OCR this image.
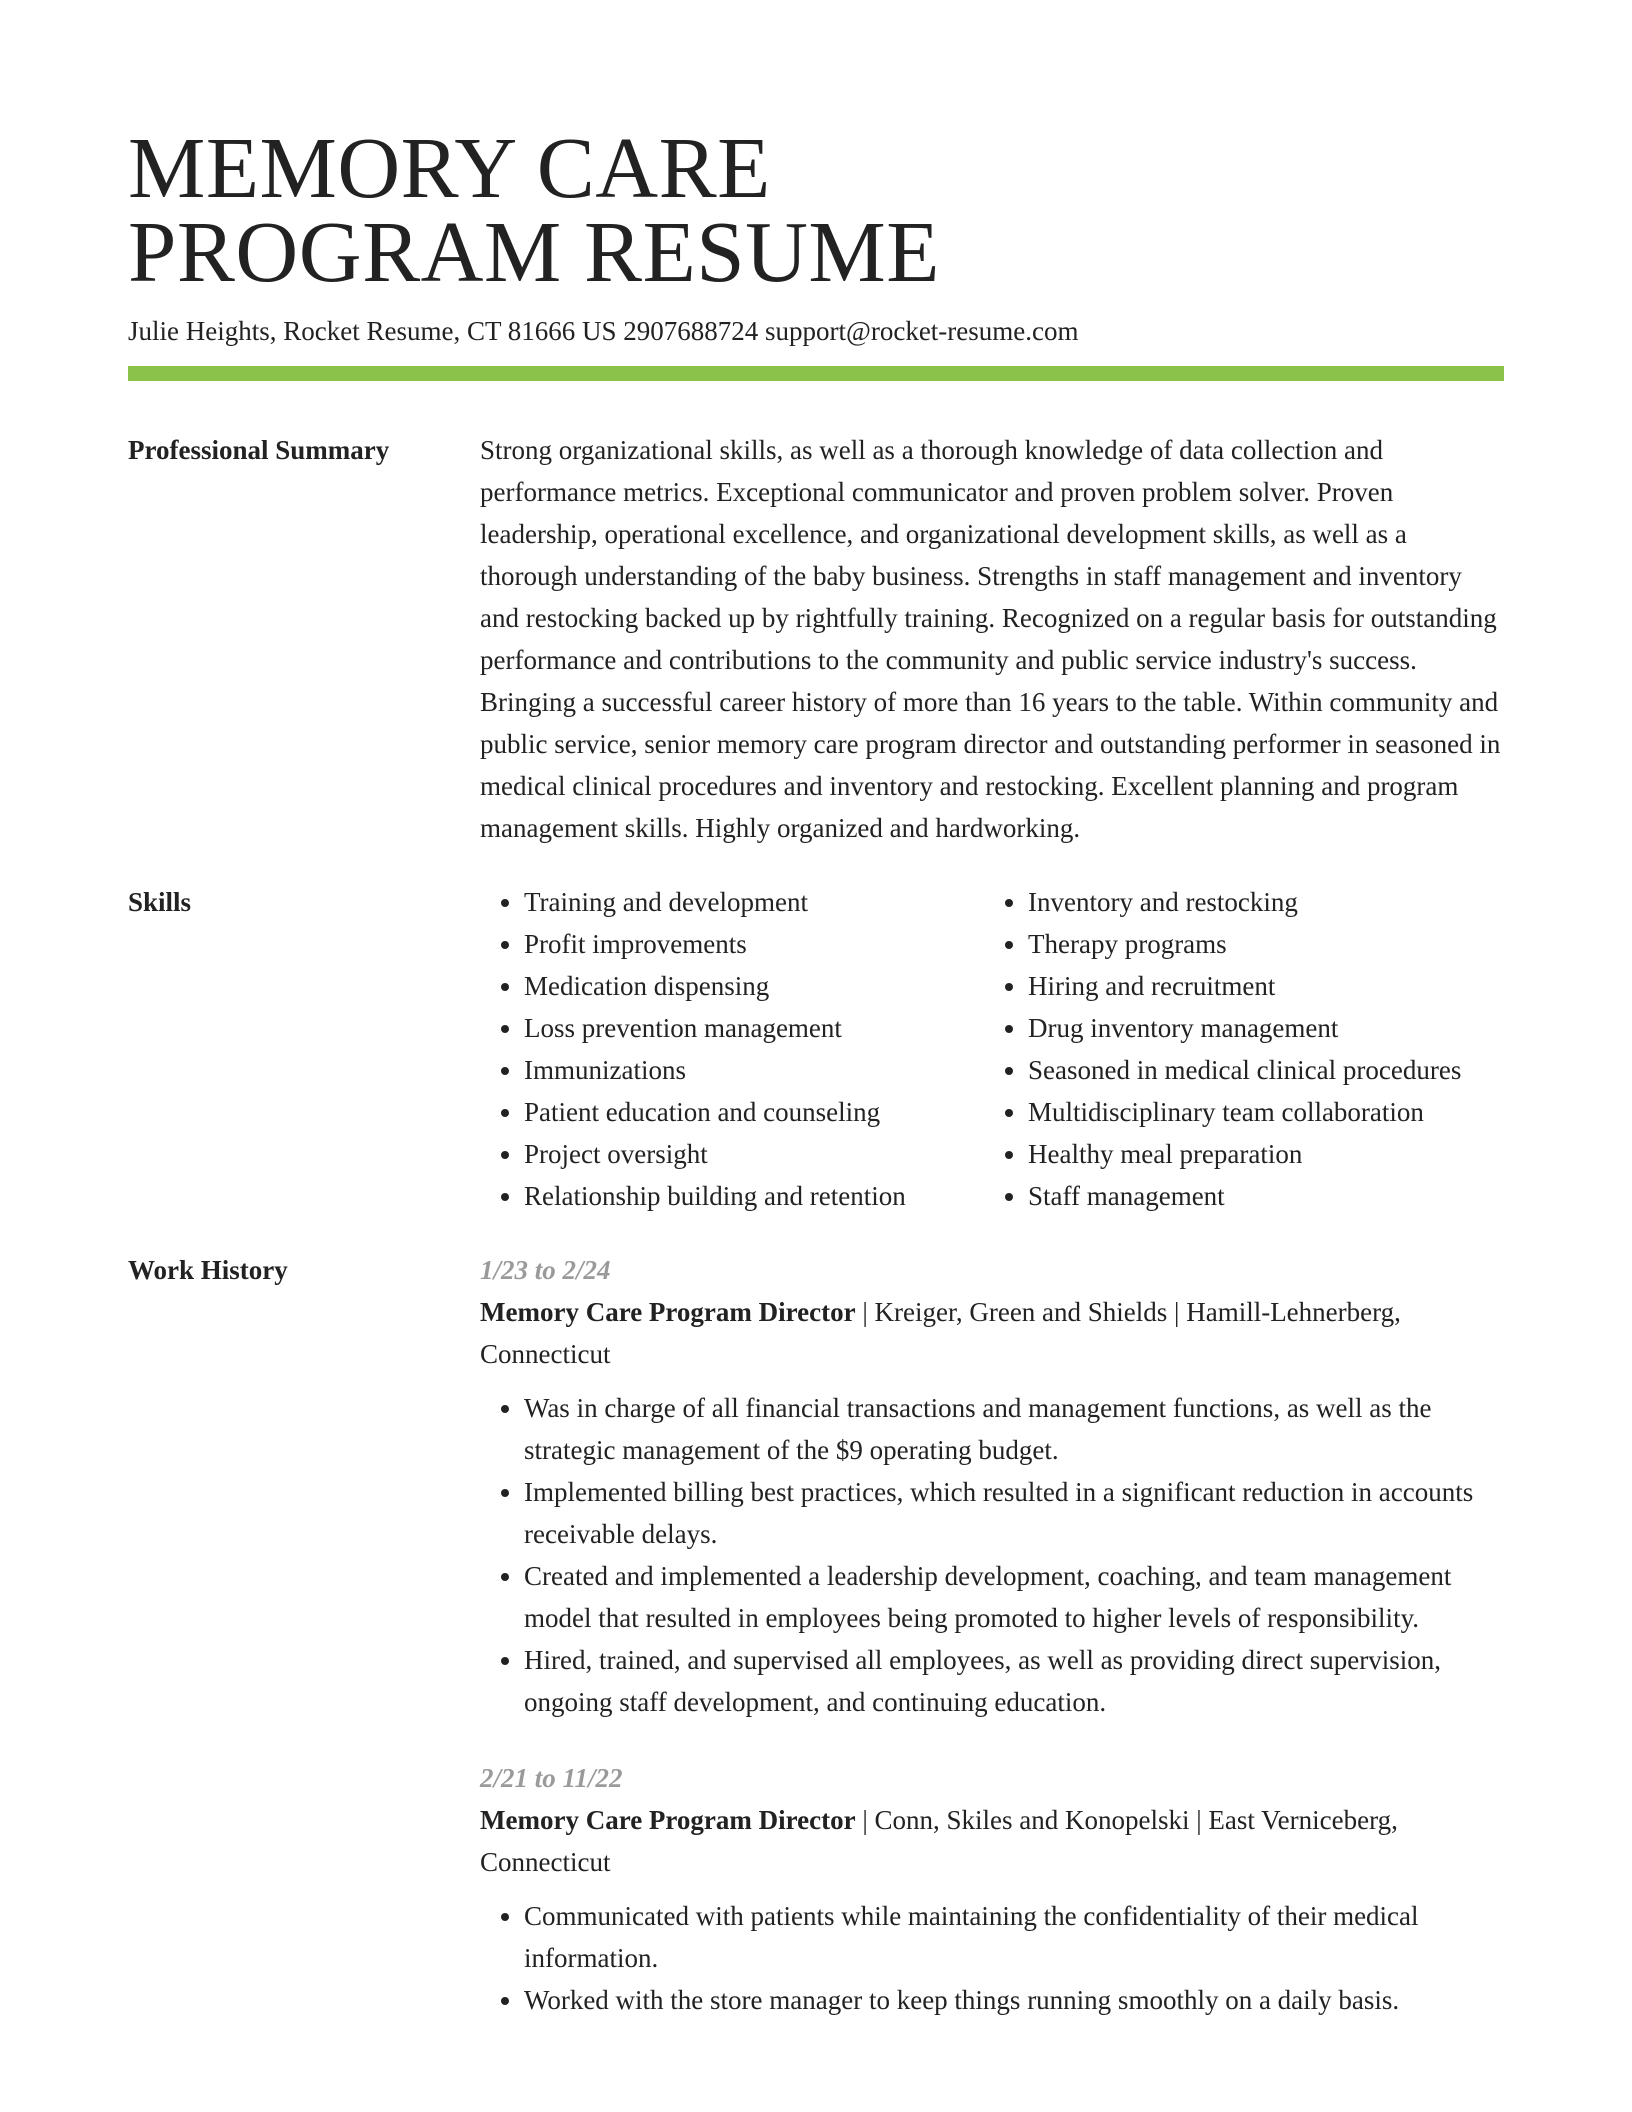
MEMORY CARE
PROGRAM RESUME
Julie Heights, Rocket Resume, CT 81666 US 2907688724 support@rocket-resume.com
Professional Summary	Strong organizational skills, as well as a thorough knowledge of data collection and performance metrics. Exceptional communicator and proven problem solver. Proven leadership, operational excellence, and organizational development skills, as well as a thorough understanding of the baby business. Strengths in staff management and inventory and restocking backed up by rightfully training. Recognized on a regular basis for outstanding performance and contributions to the community and public service industry's success. Bringing a successful career history of more than 16 years to the table. Within community and public service, senior memory care program director and outstanding performer in seasoned in medical clinical procedures and inventory and restocking. Excellent planning and program management skills. Highly organized and hardworking.

Skills
•	Training and development
• Profit improvements
• Medication dispensing
• Loss prevention management
• Immunizations
• Patient education and counseling
• Project oversight
• Relationship building and retention
• Inventory and restocking
• Therapy programs
• Hiring and recruitment
• Drug inventory management
• Seasoned in medical clinical procedures
• Multidisciplinary team collaboration
• Healthy meal preparation
• Staff management
Work History	1/23 to 2/24
Memory Care Program Director | Kreiger, Green and Shields | Hamill-Lehnerberg, Connecticut
• Was in charge of all financial transactions and management functions, as well as the strategic management of the $9 operating budget.
• Implemented billing best practices, which resulted in a significant reduction in accounts receivable delays.
• Created and implemented a leadership development, coaching, and team management model that resulted in employees being promoted to higher levels of responsibility.
• Hired, trained, and supervised all employees, as well as providing direct supervision, ongoing staff development, and continuing education.
2/21 to 11/22
Memory Care Program Director | Conn, Skiles and Konopelski | East Verniceberg, Connecticut
• Communicated with patients while maintaining the confidentiality of their medical information.
• Worked with the store manager to keep things running smoothly on a daily basis.
